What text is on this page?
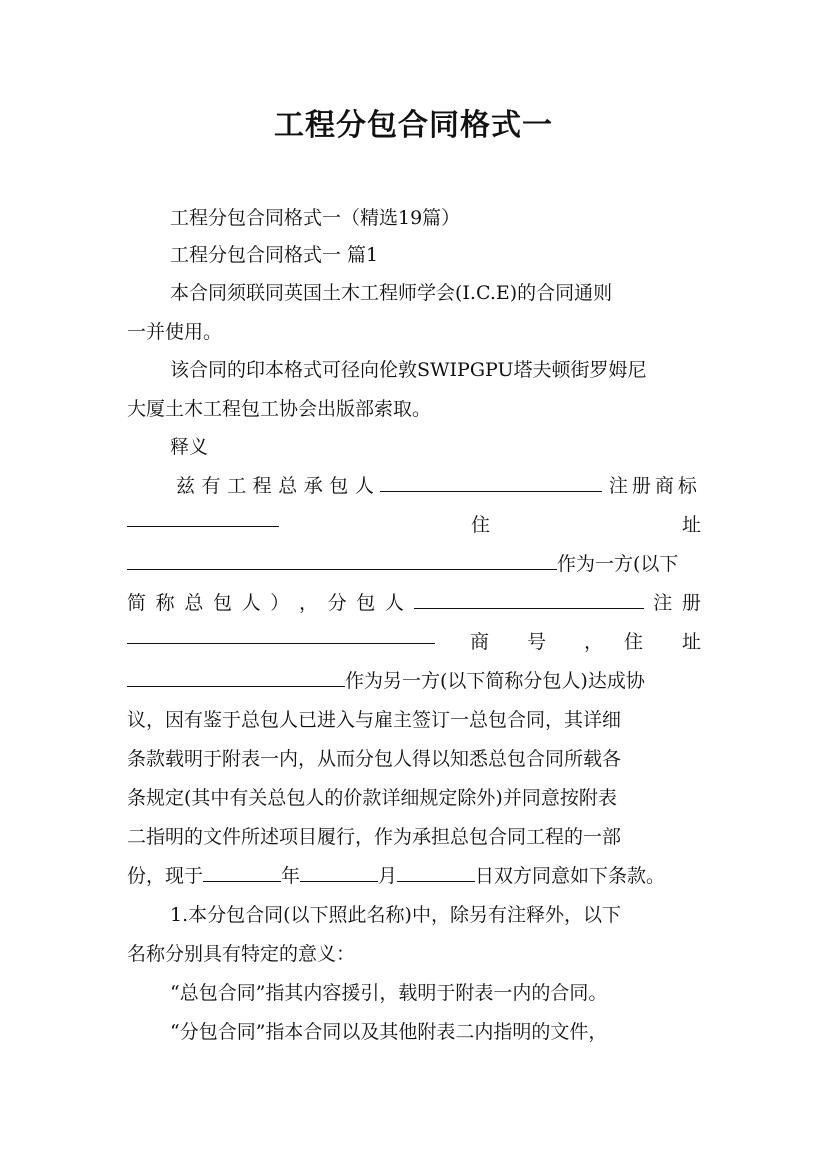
工程分包合同格式一
工程分包合同格式一（精选19篇）
工程分包合同格式一 篇1
本合同须联同英国土木工程师学会(I.C.E)的合同通则
一并使用。
该合同的印本格式可径向伦敦SWIPGPU塔夫顿街罗姆尼
大厦土木工程包工协会出版部索取。
释义
兹 有 工 程 总 承 包 人	注册商标
住	址
作为一方(以下
简 称 总 包 人 ） ， 分 包 人	注 册
商 号 ， 住 址
作为另一方(以下简称分包人)达成协
议，因有鉴于总包人已进入与雇主签订一总包合同，其详细
条款载明于附表一内，从而分包人得以知悉总包合同所载各
条规定(其中有关总包人的价款详细规定除外)并同意按附表
二指明的文件所述项目履行，作为承担总包合同工程的一部
份，现于	年	月	日双方同意如下条款。
1.本分包合同(以下照此名称)中，除另有注释外，以下
名称分别具有特定的意义：
“总包合同”指其内容援引，载明于附表一内的合同。
“分包合同”指本合同以及其他附表二内指明的文件，
